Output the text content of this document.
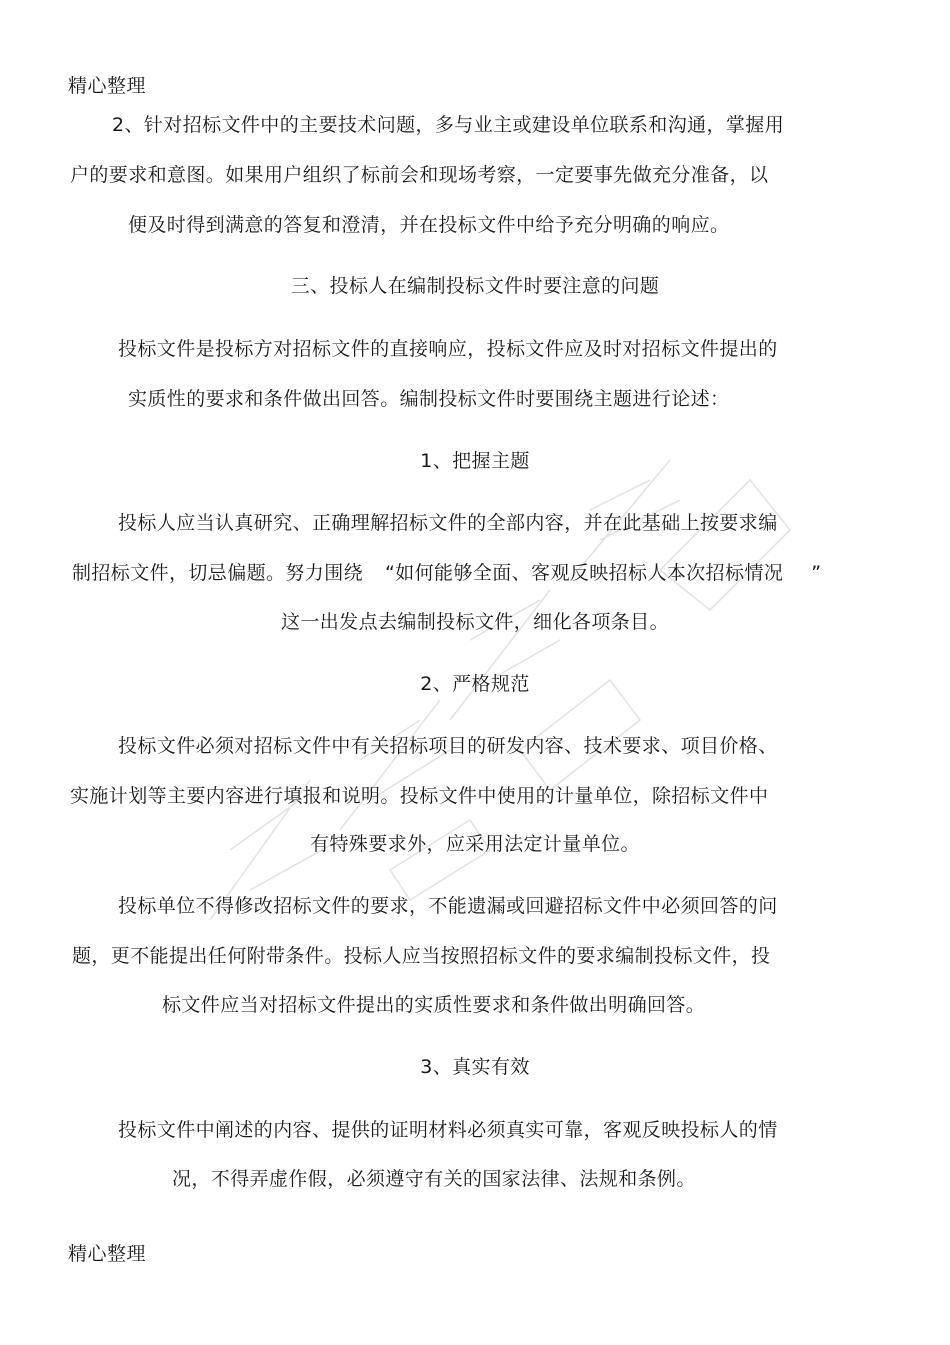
精心整理
2、针对招标文件中的主要技术问题，多与业主或建设单位联系和沟通，掌握用
户的要求和意图。如果用户组织了标前会和现场考察，一定要事先做充分准备，以
便及时得到满意的答复和澄清，并在投标文件中给予充分明确的响应。
三、投标人在编制投标文件时要注意的问题
投标文件是投标方对招标文件的直接响应，投标文件应及时对招标文件提出的
实质性的要求和条件做出回答。编制投标文件时要围绕主题进行论述：
1、把握主题
投标人应当认真研究、正确理解招标文件的全部内容，并在此基础上按要求编
制招标文件，切忌偏题。努力围绕 “如何能够全面、客观反映招标人本次招标情况 ”
这一出发点去编制投标文件，细化各项条目。
2、严格规范
投标文件必须对招标文件中有关招标项目的研发内容、技术要求、项目价格、
实施计划等主要内容进行填报和说明。投标文件中使用的计量单位，除招标文件中
有特殊要求外，应采用法定计量单位。
投标单位不得修改招标文件的要求，不能遗漏或回避招标文件中必须回答的问
题，更不能提出任何附带条件。投标人应当按照招标文件的要求编制投标文件，投
标文件应当对招标文件提出的实质性要求和条件做出明确回答。
3、真实有效
投标文件中阐述的内容、提供的证明材料必须真实可靠，客观反映投标人的情
况，不得弄虚作假，必须遵守有关的国家法律、法规和条例。
精心整理
